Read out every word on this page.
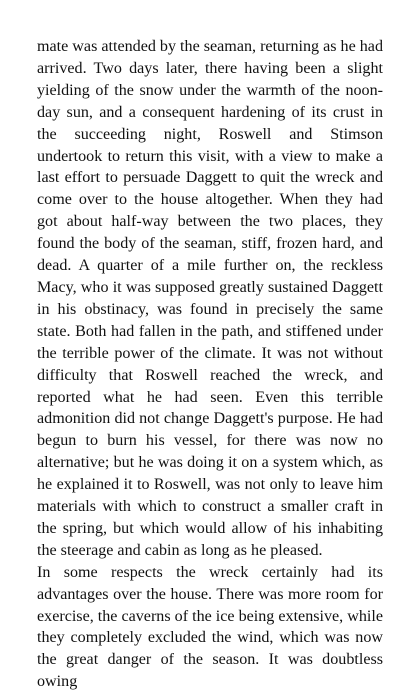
mate was attended by the seaman, returning as he had arrived. Two days later, there having been a slight yielding of the snow under the warmth of the noon-day sun, and a consequent hardening of its crust in the succeeding night, Roswell and Stimson undertook to return this visit, with a view to make a last effort to persuade Daggett to quit the wreck and come over to the house altogether. When they had got about half-way between the two places, they found the body of the seaman, stiff, frozen hard, and dead. A quarter of a mile further on, the reckless Macy, who it was supposed greatly sustained Daggett in his obstinacy, was found in precisely the same state. Both had fallen in the path, and stiffened under the terrible power of the climate. It was not without difficulty that Roswell reached the wreck, and reported what he had seen. Even this terrible admonition did not change Daggett's purpose. He had begun to burn his vessel, for there was now no alternative; but he was doing it on a system which, as he explained it to Roswell, was not only to leave him materials with which to construct a smaller craft in the spring, but which would allow of his inhabiting the steerage and cabin as long as he pleased.

In some respects the wreck certainly had its advantages over the house. There was more room for exercise, the caverns of the ice being extensive, while they completely excluded the wind, which was now the great danger of the season. It was doubtless owing
